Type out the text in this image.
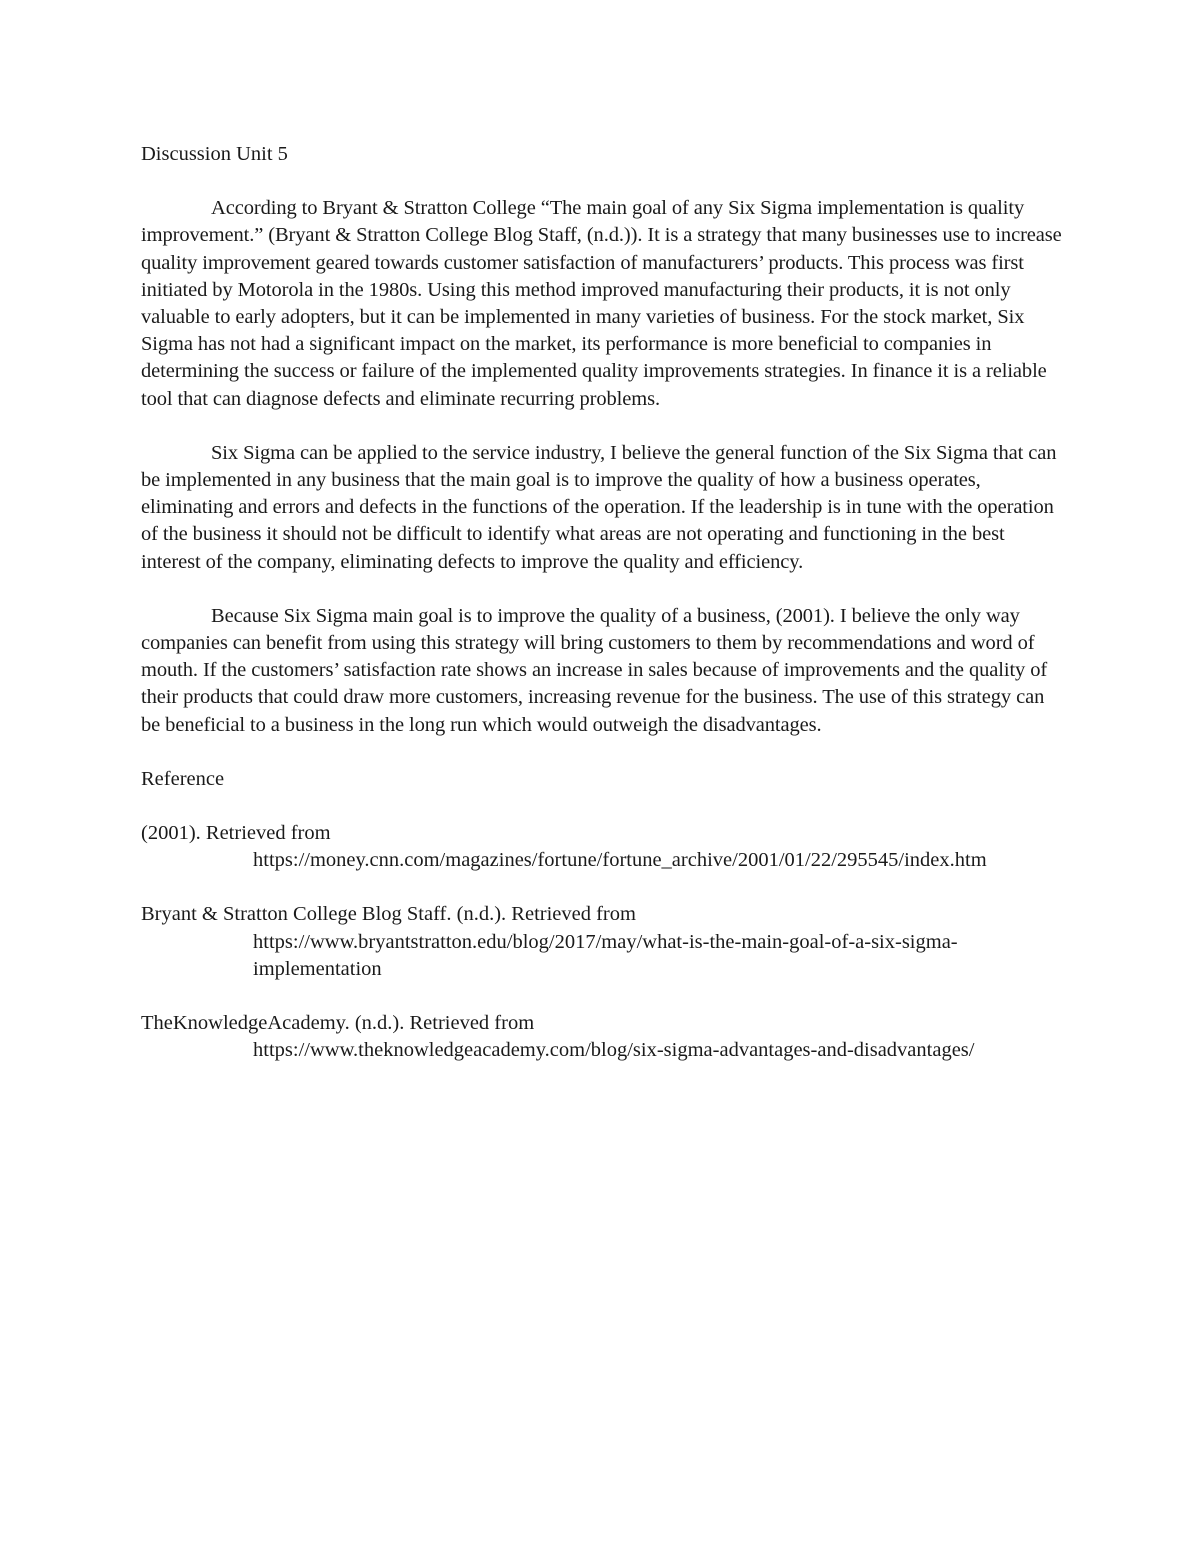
Discussion Unit 5

According to Bryant & Stratton College “The main goal of any Six Sigma implementation is quality improvement.” (Bryant & Stratton College Blog Staff, (n.d.)). It is a strategy that many businesses use to increase quality improvement geared towards customer satisfaction of manufacturers’ products. This process was first initiated by Motorola in the 1980s. Using this method improved manufacturing their products, it is not only valuable to early adopters, but it can be implemented in many varieties of business. For the stock market, Six Sigma has not had a significant impact on the market, its performance is more beneficial to companies in determining the success or failure of the implemented quality improvements strategies. In finance it is a reliable tool that can diagnose defects and eliminate recurring problems.

Six Sigma can be applied to the service industry, I believe the general function of the Six Sigma that can be implemented in any business that the main goal is to improve the quality of how a business operates, eliminating and errors and defects in the functions of the operation. If the leadership is in tune with the operation of the business it should not be difficult to identify what areas are not operating and functioning in the best interest of the company, eliminating defects to improve the quality and efficiency.

Because Six Sigma main goal is to improve the quality of a business, (2001). I believe the only way companies can benefit from using this strategy will bring customers to them by recommendations and word of mouth. If the customers’ satisfaction rate shows an increase in sales because of improvements and the quality of their products that could draw more customers, increasing revenue for the business. The use of this strategy can be beneficial to a business in the long run which would outweigh the disadvantages.

Reference
(2001). Retrieved from
https://money.cnn.com/magazines/fortune/fortune_archive/2001/01/22/295545/index.htm
Bryant & Stratton College Blog Staff. (n.d.). Retrieved from
https://www.bryantstratton.edu/blog/2017/may/what-is-the-main-goal-of-a-six-sigma-implementation
TheKnowledgeAcademy. (n.d.). Retrieved from
https://www.theknowledgeacademy.com/blog/six-sigma-advantages-and-disadvantages/
